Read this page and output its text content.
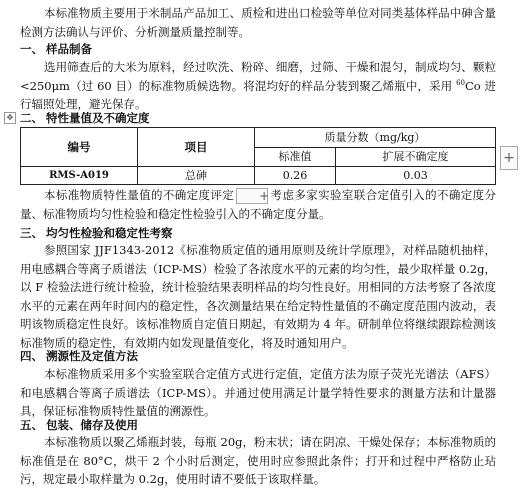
本标准物质主要用于米制品产品加工、质检和进出口检验等单位对同类基体样品中砷含量检测方法确认与评价、分析测量质量控制等。

一、 样品制备

选用筛查后的大米为原料，经过吹洗、粉碎、细磨，过筛、干燥和混匀，制成均匀、颗粒<250μm（过 60 目）的标准物质候选物。将混均好的样品分装到聚乙烯瓶中，采用 $^{60}$Co 进行辐照处理，避光保存。

✥ 二、 特性量值及不确定度
编号	项目	质量分数（mg/kg）	
		标准值	扩展不确定度
RMS-A019	总砷	0.26	0.03
+

本标准物质特性量值的不确定度评定	+ 考虑多家实验室联合定值引入的不确定度分量、标准物质均匀性检验和稳定性检验引入的不确定度分量。

三、 均匀性检验和稳定性考察

参照国家 JJF1343-2012《标准物质定值的通用原则及统计学原理》，对样品随机抽样，用电感耦合等离子质谱法（ICP-MS）检验了各浓度水平的元素的均匀性，最少取样量 0.2g，以 F 检验法进行统计检验，统计检验结果表明样品的均匀性良好。用相同的方法考察了各浓度水平的元素在两年时间内的稳定性，各次测量结果在给定特性量值的不确定度范围内波动，表明该物质稳定性良好。该标准物质自定值日期起，有效期为 4 年。研制单位将继续跟踪检测该标准物质的稳定性，有效期内如发现量值变化，将及时通知用户。

四、 溯源性及定值方法

本标准物质采用多个实验室联合定值方式进行定值，定值方法为原子荧光光谱法（AFS）和电感耦合等离子质谱法（ICP-MS）。并通过使用满足计量学特性要求的测量方法和计量器具，保证标准物质特性量值的溯源性。

五、 包装、储存及使用

本标准物质以聚乙烯瓶封装，每瓶 20g，粉末状；请在阴凉、干燥处保存；本标准物质的标准值是在 80°C，烘干 2 个小时后测定，使用时应参照此条件；打开和过程中严格防止玷污，规定最小取样量为 0.2g，使用时请不要低于该取样量。
